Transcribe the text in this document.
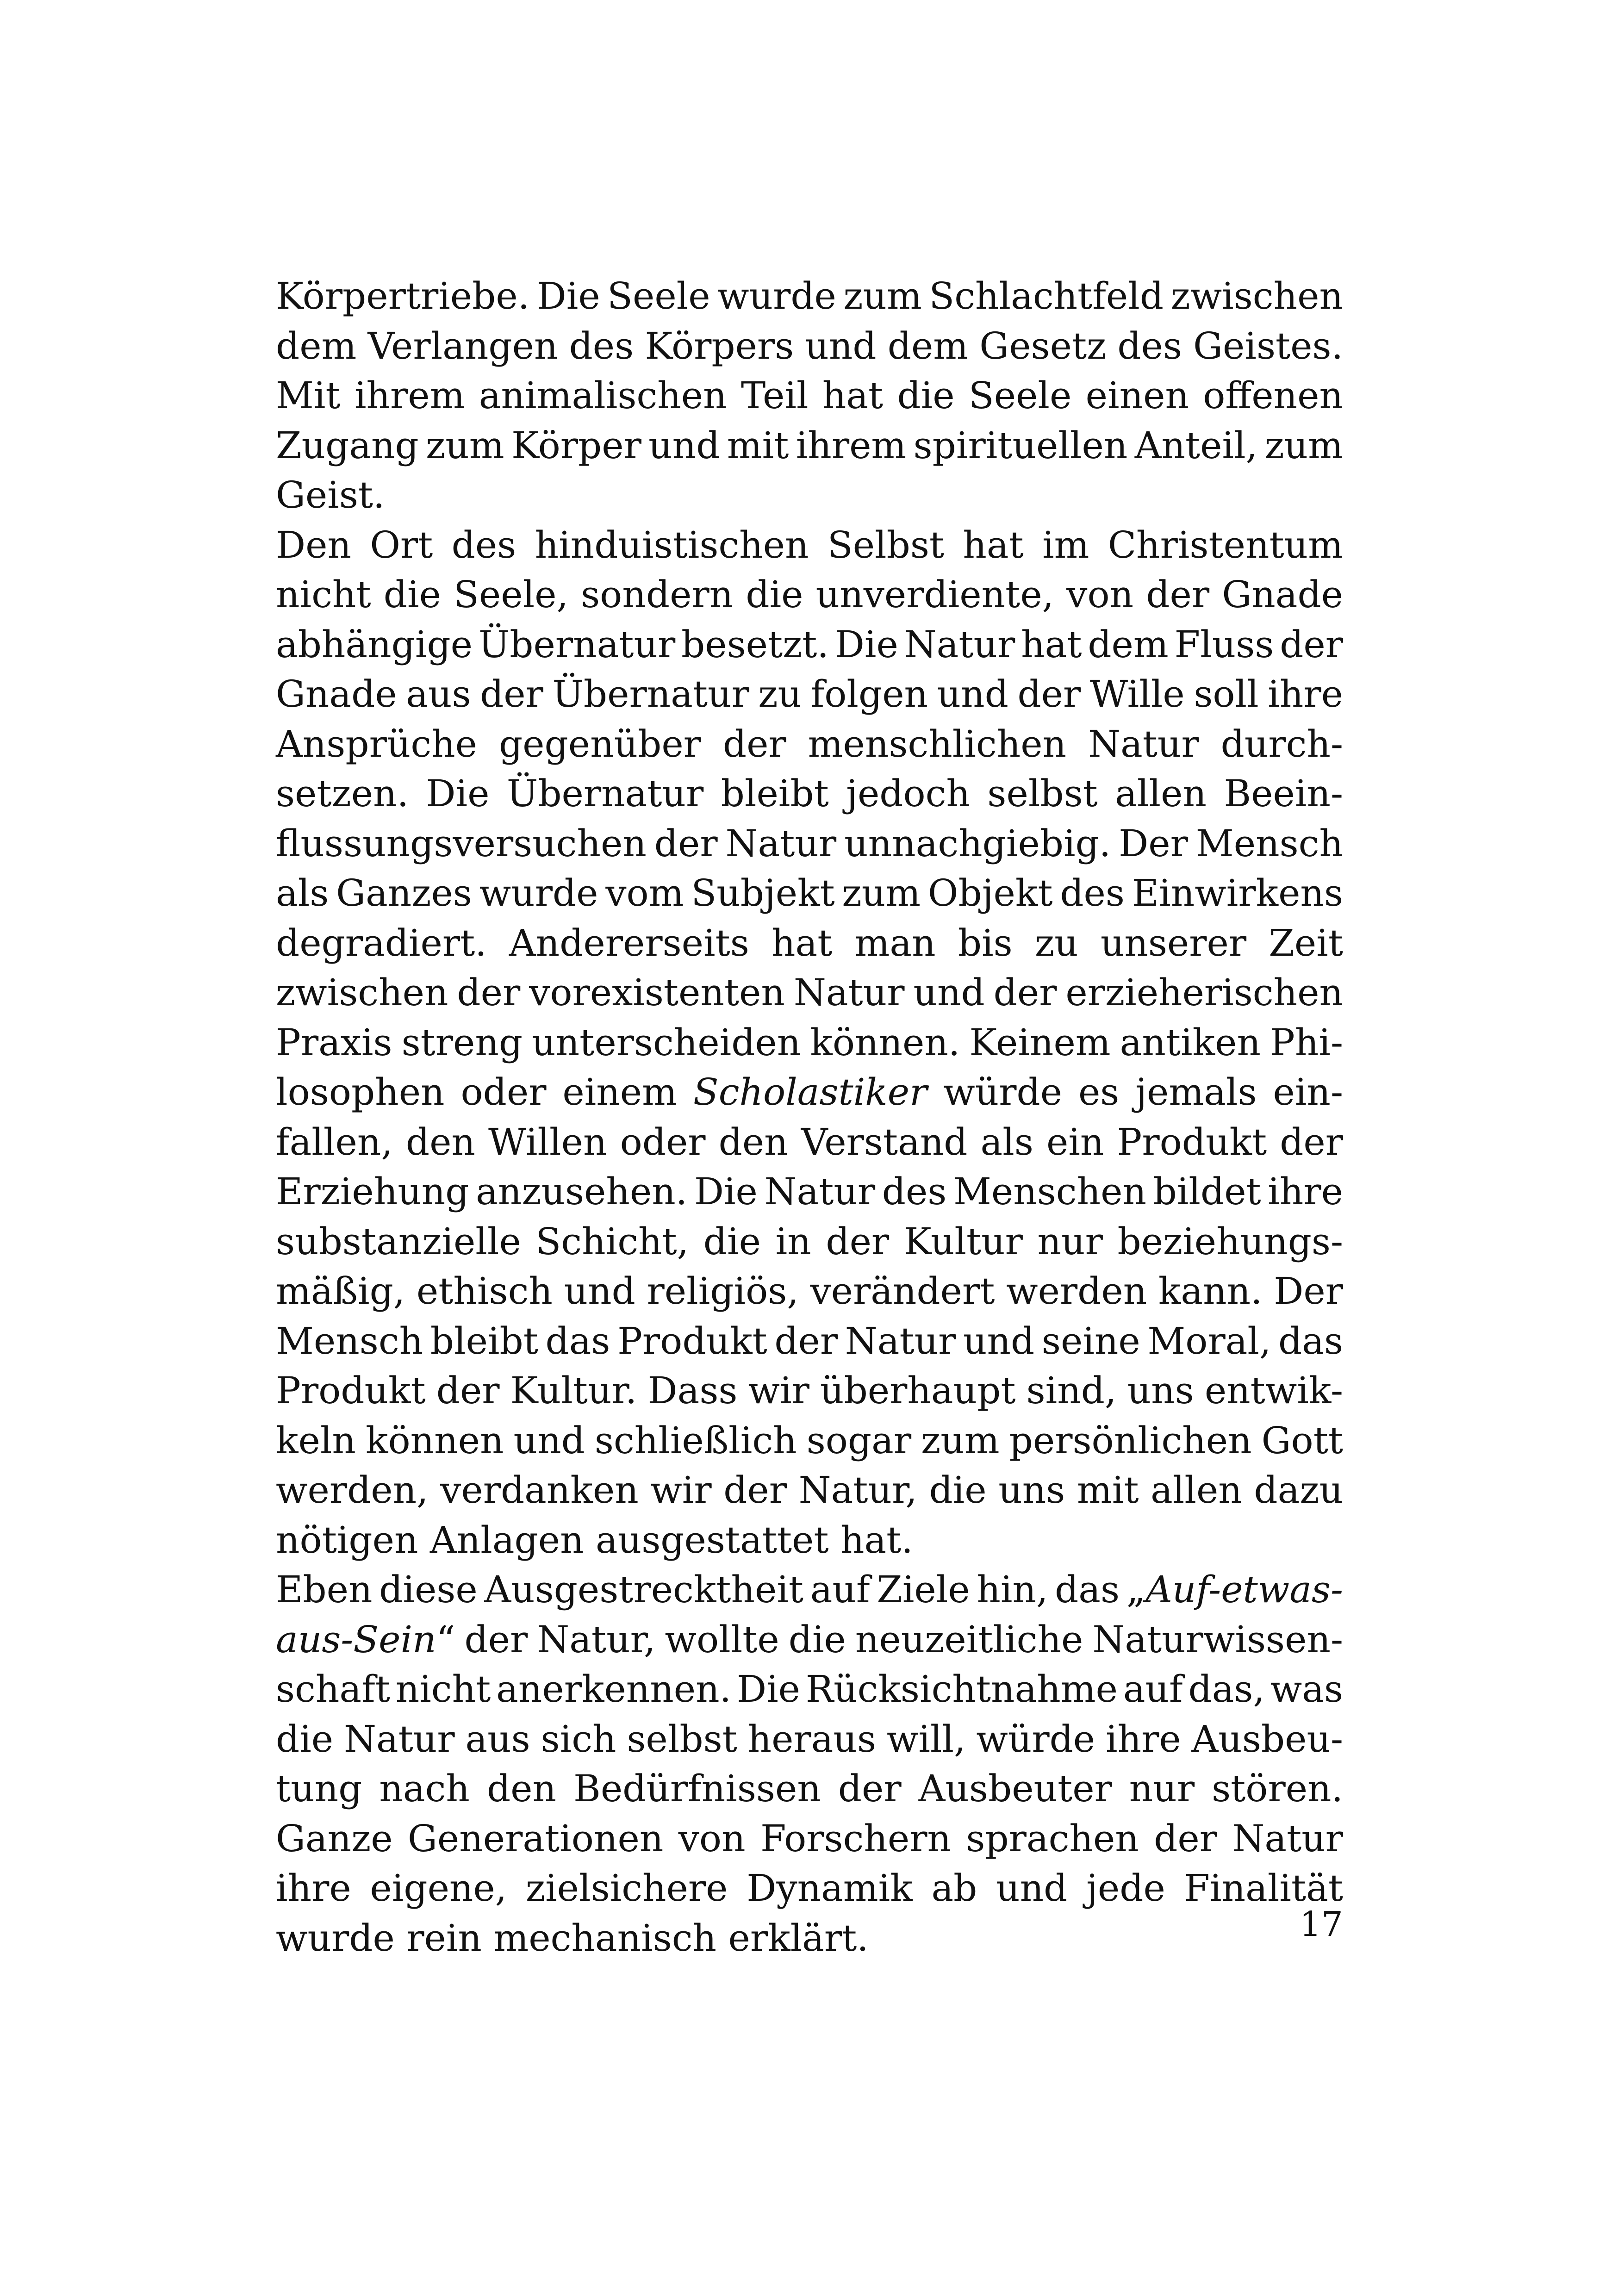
Körpertriebe. Die Seele wurde zum Schlachtfeld zwischen
dem Verlangen des Körpers und dem Gesetz des Geistes.
Mit ihrem animalischen Teil hat die Seele einen offenen
Zugang zum Körper und mit ihrem spirituellen Anteil, zum
Geist.
Den Ort des hinduistischen Selbst hat im Christentum
nicht die Seele, sondern die unverdiente, von der Gnade
abhängige Übernatur besetzt. Die Natur hat dem Fluss der
Gnade aus der Übernatur zu folgen und der Wille soll ihre
Ansprüche gegenüber der menschlichen Natur durch-
setzen. Die Übernatur bleibt jedoch selbst allen Beein-
flussungsversuchen der Natur unnachgiebig. Der Mensch
als Ganzes wurde vom Subjekt zum Objekt des Einwirkens
degradiert. Andererseits hat man bis zu unserer Zeit
zwischen der vorexistenten Natur und der erzieherischen
Praxis streng unterscheiden können. Keinem antiken Phi-
losophen oder einem Scholastiker würde es jemals ein-
fallen, den Willen oder den Verstand als ein Produkt der
Erziehung anzusehen. Die Natur des Menschen bildet ihre
substanzielle Schicht, die in der Kultur nur beziehungs-
mäßig, ethisch und religiös, verändert werden kann. Der
Mensch bleibt das Produkt der Natur und seine Moral, das
Produkt der Kultur. Dass wir überhaupt sind, uns entwik-
keln können und schließlich sogar zum persönlichen Gott
werden, verdanken wir der Natur, die uns mit allen dazu
nötigen Anlagen ausgestattet hat.
Eben diese Ausgestrecktheit auf Ziele hin, das „Auf-etwas-
aus-Sein“ der Natur, wollte die neuzeitliche Naturwissen-
schaft nicht anerkennen. Die Rücksichtnahme auf das, was
die Natur aus sich selbst heraus will, würde ihre Ausbeu-
tung nach den Bedürfnissen der Ausbeuter nur stören.
Ganze Generationen von Forschern sprachen der Natur
ihre eigene, zielsichere Dynamik ab und jede Finalität
wurde rein mechanisch erklärt.	17
